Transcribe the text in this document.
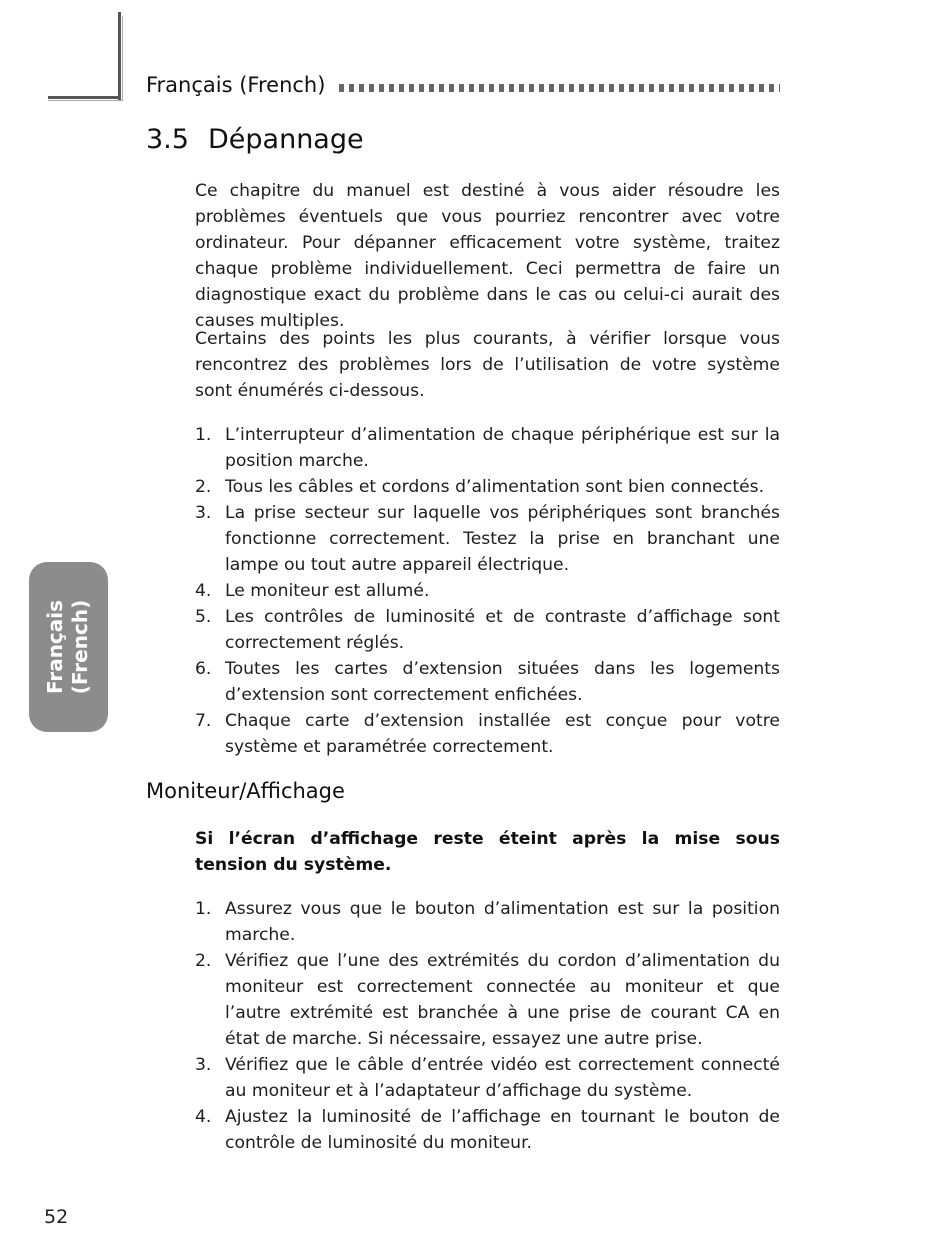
Français (French)
3.5 Dépannage

Ce chapitre du manuel est destiné à vous aider résoudre les problèmes éventuels que vous pourriez rencontrer avec votre ordinateur. Pour dépanner efficacement votre système, traitez chaque problème individuellement. Ceci permettra de faire un diagnostique exact du problème dans le cas ou celui-ci aurait des causes multiples.

Certains des points les plus courants, à vérifier lorsque vous rencontrez des problèmes lors de l’utilisation de votre système sont énumérés ci-dessous.

1. L’interrupteur d’alimentation de chaque périphérique est sur la position marche.
2. Tous les câbles et cordons d’alimentation sont bien connectés.
3. La prise secteur sur laquelle vos périphériques sont branchés fonctionne correctement. Testez la prise en branchant une lampe ou tout autre appareil électrique.
4. Le moniteur est allumé.
5. Les contrôles de luminosité et de contraste d’affichage sont correctement réglés.
6. Toutes les cartes d’extension situées dans les logements d’extension sont correctement enfichées.
7. Chaque carte d’extension installée est conçue pour votre système et paramétrée correctement.
Moniteur/Affichage

Si l’écran d’affichage reste éteint après la mise sous tension du système.

1. Assurez vous que le bouton d’alimentation est sur la position marche.
2. Vérifiez que l’une des extrémités du cordon d’alimentation du moniteur est correctement connectée au moniteur et que l’autre extrémité est branchée à une prise de courant CA en état de marche. Si nécessaire, essayez une autre prise.
3. Vérifiez que le câble d’entrée vidéo est correctement connecté au moniteur et à l’adaptateur d’affichage du système.
4. Ajustez la luminosité de l’affichage en tournant le bouton de contrôle de luminosité du moniteur.
Français (French)
52
